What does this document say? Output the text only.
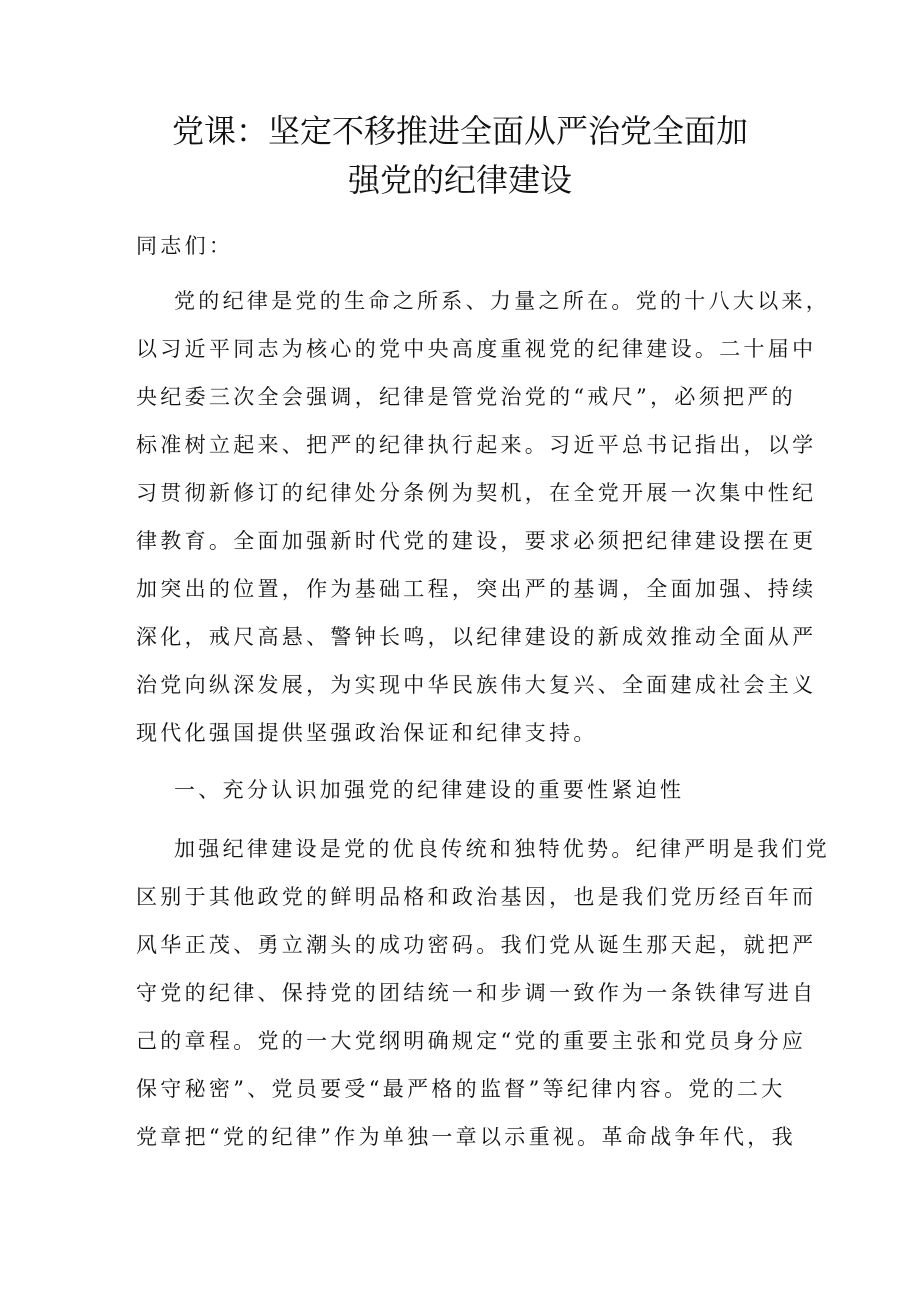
党课：坚定不移推进全面从严治党全面加
强党的纪律建设
同志们：
党的纪律是党的生命之所系、力量之所在。党的十八大以来，
以习近平同志为核心的党中央高度重视党的纪律建设。二十届中
央纪委三次全会强调，纪律是管党治党的“戒尺”，必须把严的
标准树立起来、把严的纪律执行起来。习近平总书记指出，以学
习贯彻新修订的纪律处分条例为契机，在全党开展一次集中性纪
律教育。全面加强新时代党的建设，要求必须把纪律建设摆在更
加突出的位置，作为基础工程，突出严的基调，全面加强、持续
深化，戒尺高悬、警钟长鸣，以纪律建设的新成效推动全面从严
治党向纵深发展，为实现中华民族伟大复兴、全面建成社会主义
现代化强国提供坚强政治保证和纪律支持。
一、充分认识加强党的纪律建设的重要性紧迫性
加强纪律建设是党的优良传统和独特优势。纪律严明是我们党
区别于其他政党的鲜明品格和政治基因，也是我们党历经百年而
风华正茂、勇立潮头的成功密码。我们党从诞生那天起，就把严
守党的纪律、保持党的团结统一和步调一致作为一条铁律写进自
己的章程。党的一大党纲明确规定“党的重要主张和党员身分应
保守秘密”、党员要受“最严格的监督”等纪律内容。党的二大
党章把“党的纪律”作为单独一章以示重视。革命战争年代，我
